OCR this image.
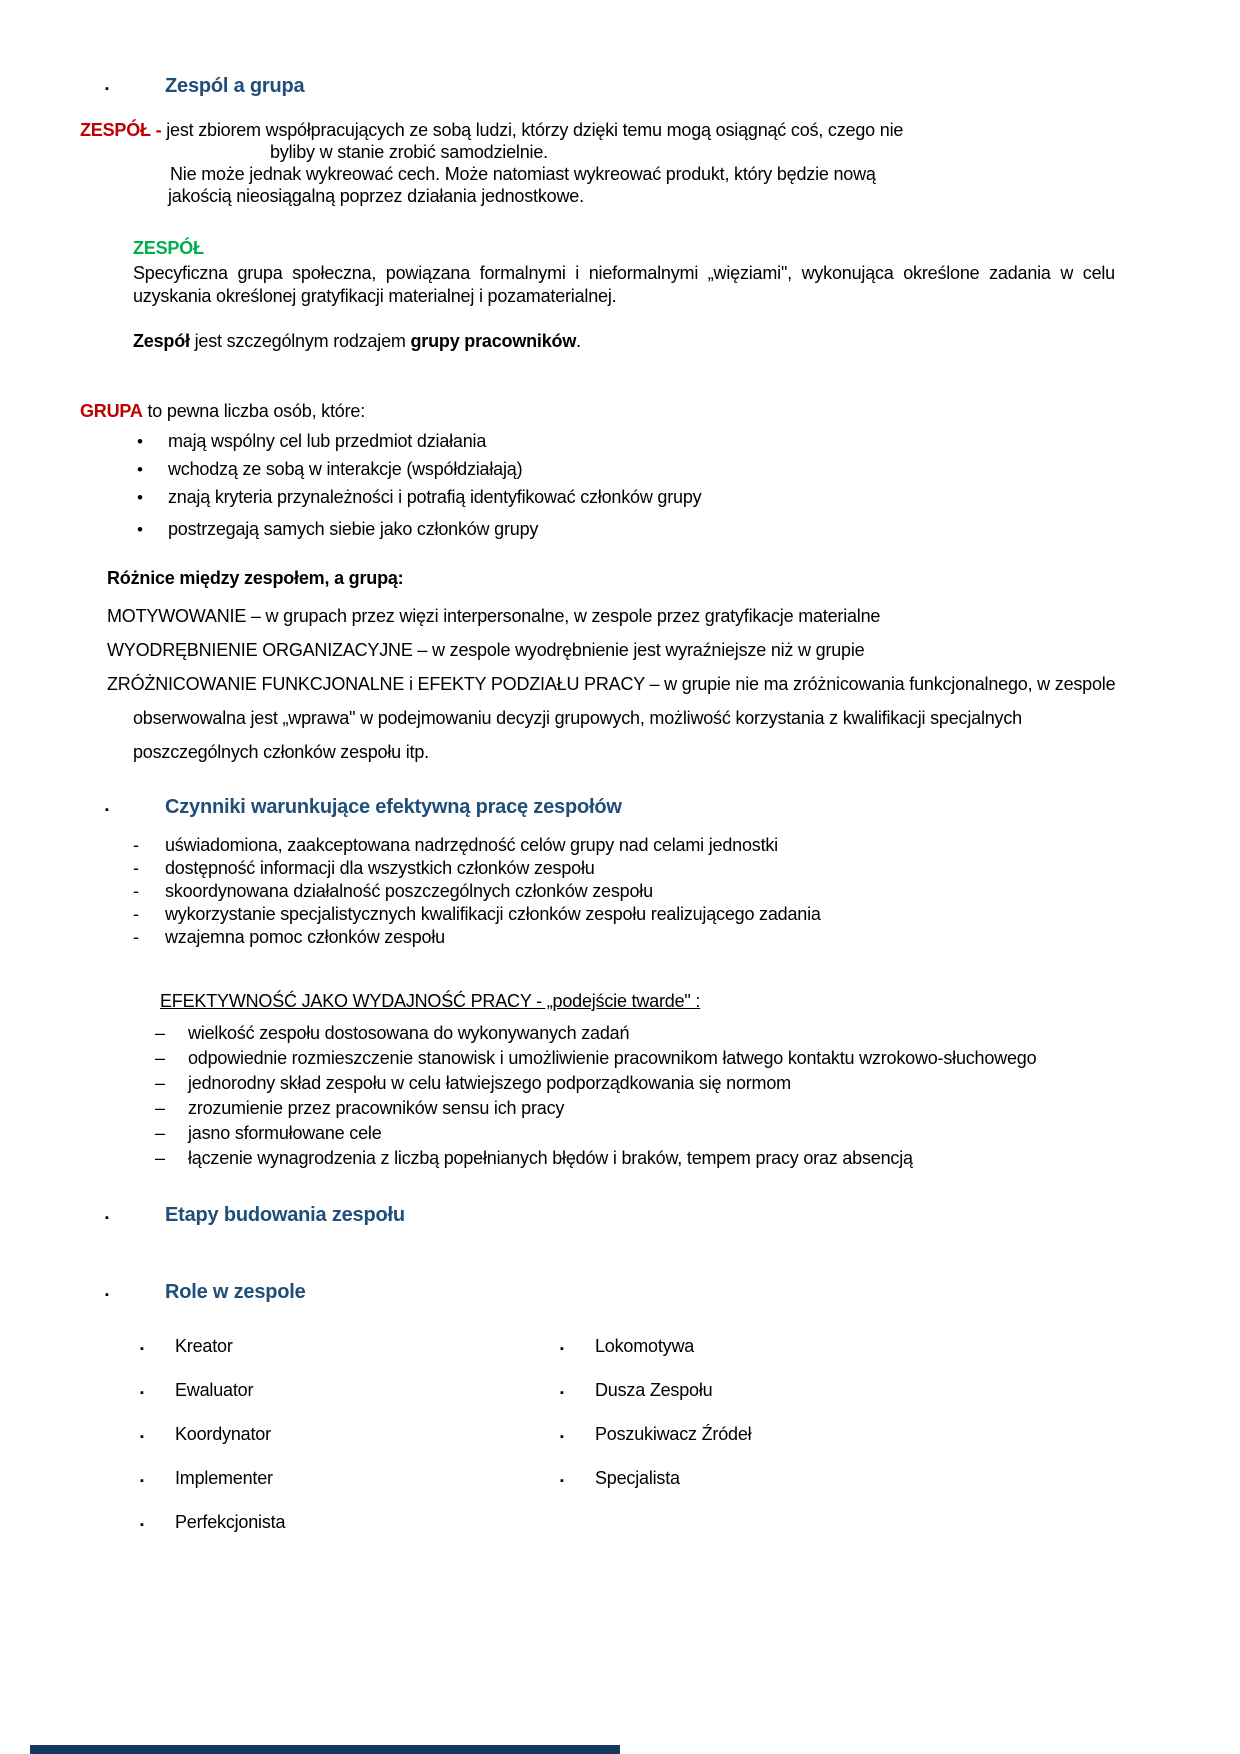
▪	Zespól a grupa
ZESPÓŁ - jest zbiorem współpracujących ze sobą ludzi, którzy dzięki temu mogą osiągnąć coś, czego nie
byliby w stanie zrobić samodzielnie.
Nie może jednak wykreować cech. Może natomiast wykreować produkt, który będzie nową
jakością nieosiągalną poprzez działania jednostkowe.
ZESPÓŁ

Specyficzna grupa społeczna, powiązana formalnymi i nieformalnymi „więziami", wykonująca określone zadania w celu uzyskania określonej gratyfikacji materialnej i pozamaterialnej.

Zespół jest szczególnym rodzajem grupy pracowników.

GRUPA to pewna liczba osób, które:

•	mają wspólny cel lub przedmiot działania
•	wchodzą ze sobą w interakcje (współdziałają)
•	znają kryteria przynależności i potrafią identyfikować członków grupy
•	postrzegają samych siebie jako członków grupy
Różnice między zespołem, a grupą:

MOTYWOWANIE – w grupach przez więzi interpersonalne, w zespole przez gratyfikacje materialne

WYODRĘBNIENIE ORGANIZACYJNE – w zespole wyodrębnienie jest wyraźniejsze niż w grupie

ZRÓŻNICOWANIE FUNKCJONALNE i EFEKTY PODZIAŁU PRACY – w grupie nie ma zróżnicowania funkcjonalnego, w zespole obserwowalna jest „wprawa" w podejmowaniu decyzji grupowych, możliwość korzystania z kwalifikacji specjalnych poszczególnych członków zespołu itp.

▪	Czynniki warunkujące efektywną pracę zespołów
-	uświadomiona, zaakceptowana nadrzędność celów grupy nad celami jednostki
-	dostępność informacji dla wszystkich członków zespołu
-	skoordynowana działalność poszczególnych członków zespołu
-	wykorzystanie specjalistycznych kwalifikacji członków zespołu realizującego zadania
-	wzajemna pomoc członków zespołu
EFEKTYWNOŚĆ JAKO WYDAJNOŚĆ PRACY - „podejście twarde" :
–	wielkość zespołu dostosowana do wykonywanych zadań
–	odpowiednie rozmieszczenie stanowisk i umożliwienie pracownikom łatwego kontaktu wzrokowo-słuchowego
–	jednorodny skład zespołu w celu łatwiejszego podporządkowania się normom
–	zrozumienie przez pracowników sensu ich pracy
–	jasno sformułowane cele
–	łączenie wynagrodzenia z liczbą popełnianych błędów i braków, tempem pracy oraz absencją
▪	Etapy budowania zespołu
▪	Role w zespole
▪	Kreator	▪	Lokomotywa
▪	Ewaluator	▪	Dusza Zespołu
▪	Koordynator	▪	Poszukiwacz Źródeł
▪	Implementer	▪	Specjalista
▪	Perfekcjonista
